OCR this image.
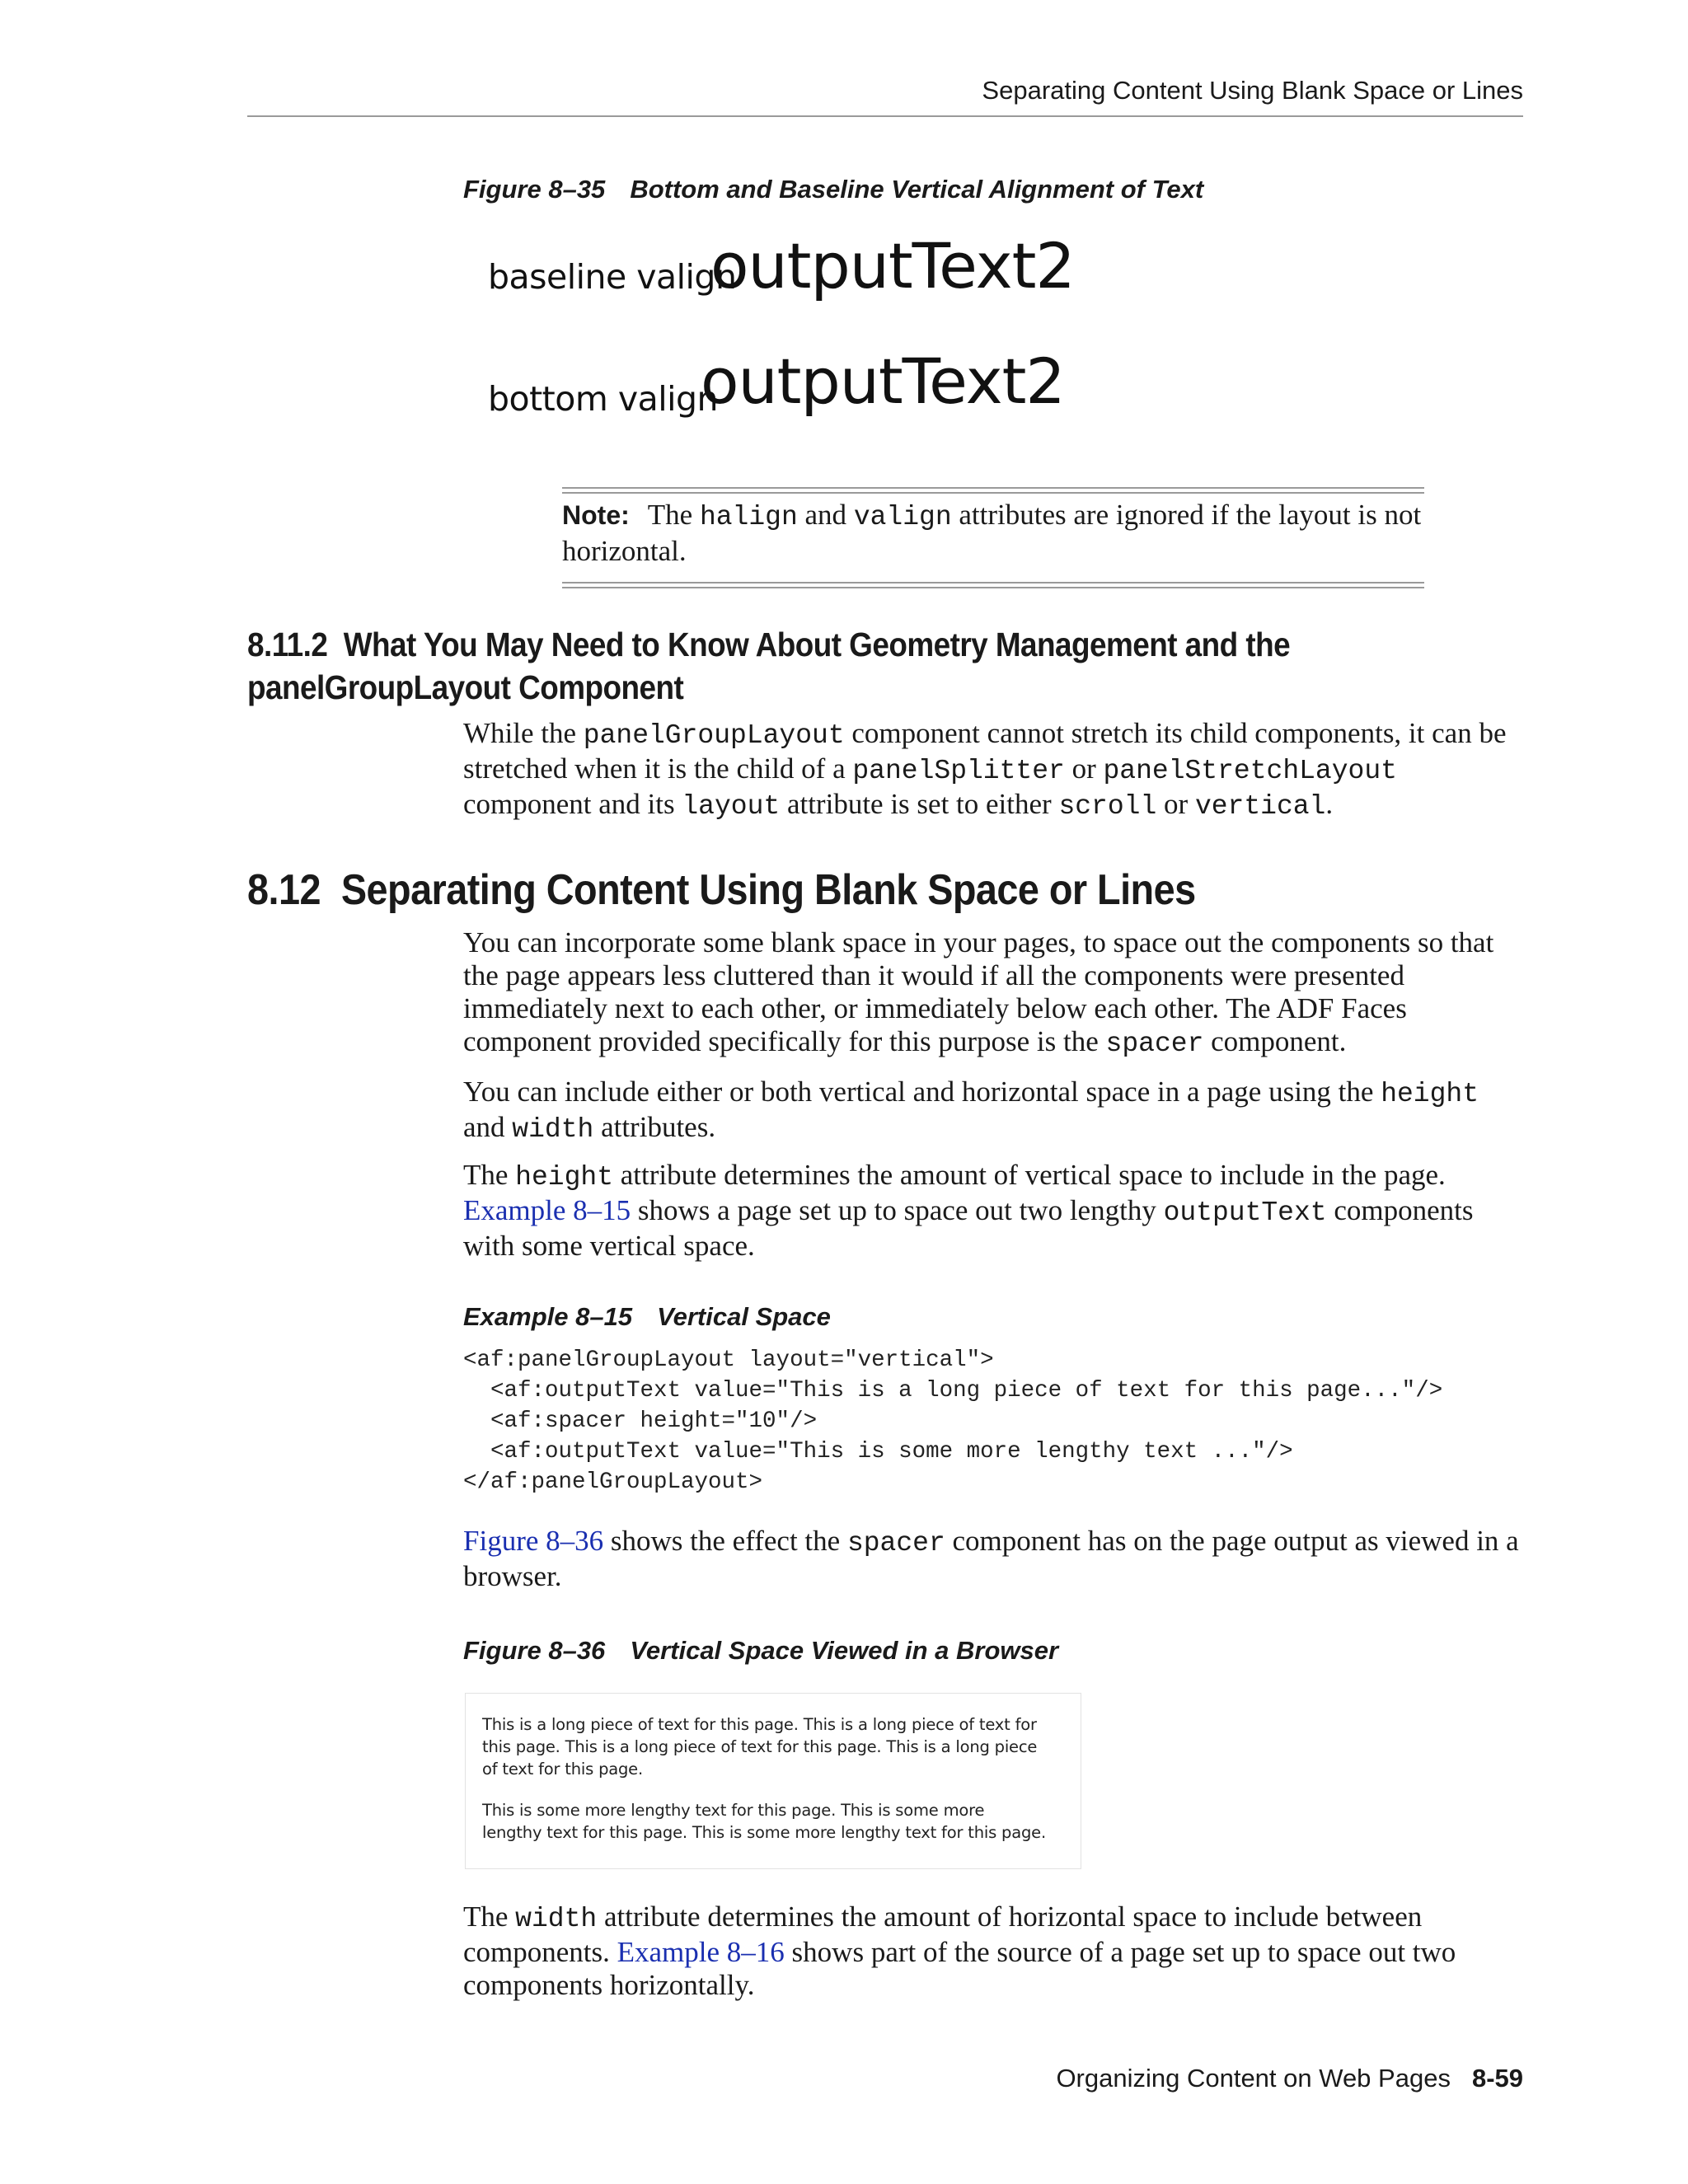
Separating Content Using Blank Space or Lines
Figure 8–35 Bottom and Baseline Vertical Alignment of Text
baseline valign
outputText2
bottom valign
outputText2
Note: The halign and valign attributes are ignored if the layout is not horizontal.
8.11.2 What You May Need to Know About Geometry Management and the
panelGroupLayout Component
While the panelGroupLayout component cannot stretch its child components, it can be stretched when it is the child of a panelSplitter or panelStretchLayout component and its layout attribute is set to either scroll or vertical.
8.12 Separating Content Using Blank Space or Lines
You can incorporate some blank space in your pages, to space out the components so that the page appears less cluttered than it would if all the components were presented immediately next to each other, or immediately below each other. The ADF Faces component provided specifically for this purpose is the spacer component.
You can include either or both vertical and horizontal space in a page using the height and width attributes.
The height attribute determines the amount of vertical space to include in the page. Example 8–15 shows a page set up to space out two lengthy outputText components with some vertical space.
Example 8–15 Vertical Space
<af:panelGroupLayout layout="vertical">
<af:outputText value="This is a long piece of text for this page..."/>
<af:spacer height="10"/>
<af:outputText value="This is some more lengthy text ..."/>
</af:panelGroupLayout>
Figure 8–36 shows the effect the spacer component has on the page output as viewed in a browser.
Figure 8–36 Vertical Space Viewed in a Browser
This is a long piece of text for this page. This is a long piece of text for
this page. This is a long piece of text for this page. This is a long piece
of text for this page.
This is some more lengthy text for this page. This is some more
lengthy text for this page. This is some more lengthy text for this page.
The width attribute determines the amount of horizontal space to include between components. Example 8–16 shows part of the source of a page set up to space out two components horizontally.
Organizing Content on Web Pages 8-59
